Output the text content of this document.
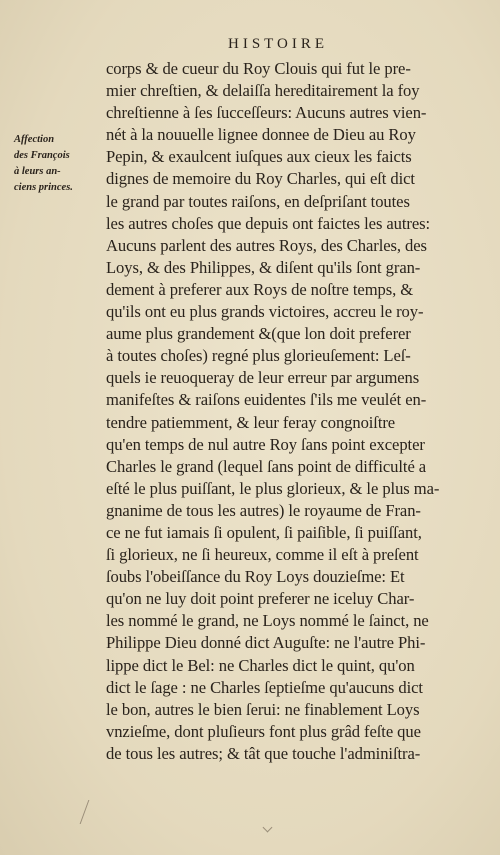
HISTOIRE
Affection
des François
à leurs an-
ciens princes.
corps & de cueur du Roy Clouis qui fut le pre-
mier chreſtien, & delaiſſa hereditairement la foy
chreſtienne à ſes ſucceſſeurs: Aucuns autres vien-
nét à la nouuelle lignee donnee de Dieu au Roy
Pepin, & exaulcent iuſques aux cieux les faicts
dignes de memoire du Roy Charles, qui eſt dict
le grand par toutes raiſons, en deſpriſant toutes
les autres choſes que depuis ont faictes les autres:
Aucuns parlent des autres Roys, des Charles, des
Loys, & des Philippes, & diſent qu'ils ſont gran-
dement à preferer aux Roys de noſtre temps, &
qu'ils ont eu plus grands victoires, accreu le roy-
aume plus grandement &(que lon doit preferer
à toutes choſes) regné plus glorieuſement: Leſ-
quels ie reuoqueray de leur erreur par argumens
manifeſtes & raiſons euidentes ſ'ils me veulét en-
tendre patiemment, & leur feray congnoiſtre
qu'en temps de nul autre Roy ſans point excepter
Charles le grand (lequel ſans point de difficulté a
eſté le plus puiſſant, le plus glorieux, & le plus ma-
gnanime de tous les autres) le royaume de Fran-
ce ne fut iamais ſi opulent, ſi paiſible, ſi puiſſant,
ſi glorieux, ne ſi heureux, comme il eſt à preſent
ſoubs l'obeiſſance du Roy Loys douzieſme: Et
qu'on ne luy doit point preferer ne iceluy Char-
les nommé le grand, ne Loys nommé le ſainct, ne
Philippe Dieu donné dict Auguſte: ne l'autre Phi-
lippe dict le Bel: ne Charles dict le quint, qu'on
dict le ſage : ne Charles ſeptieſme qu'aucuns dict
le bon, autres le bien ſerui: ne finablement Loys
vnzieſme, dont pluſieurs font plus grâd feſte que
de tous les autres; & tât que touche l'adminiſtra-
